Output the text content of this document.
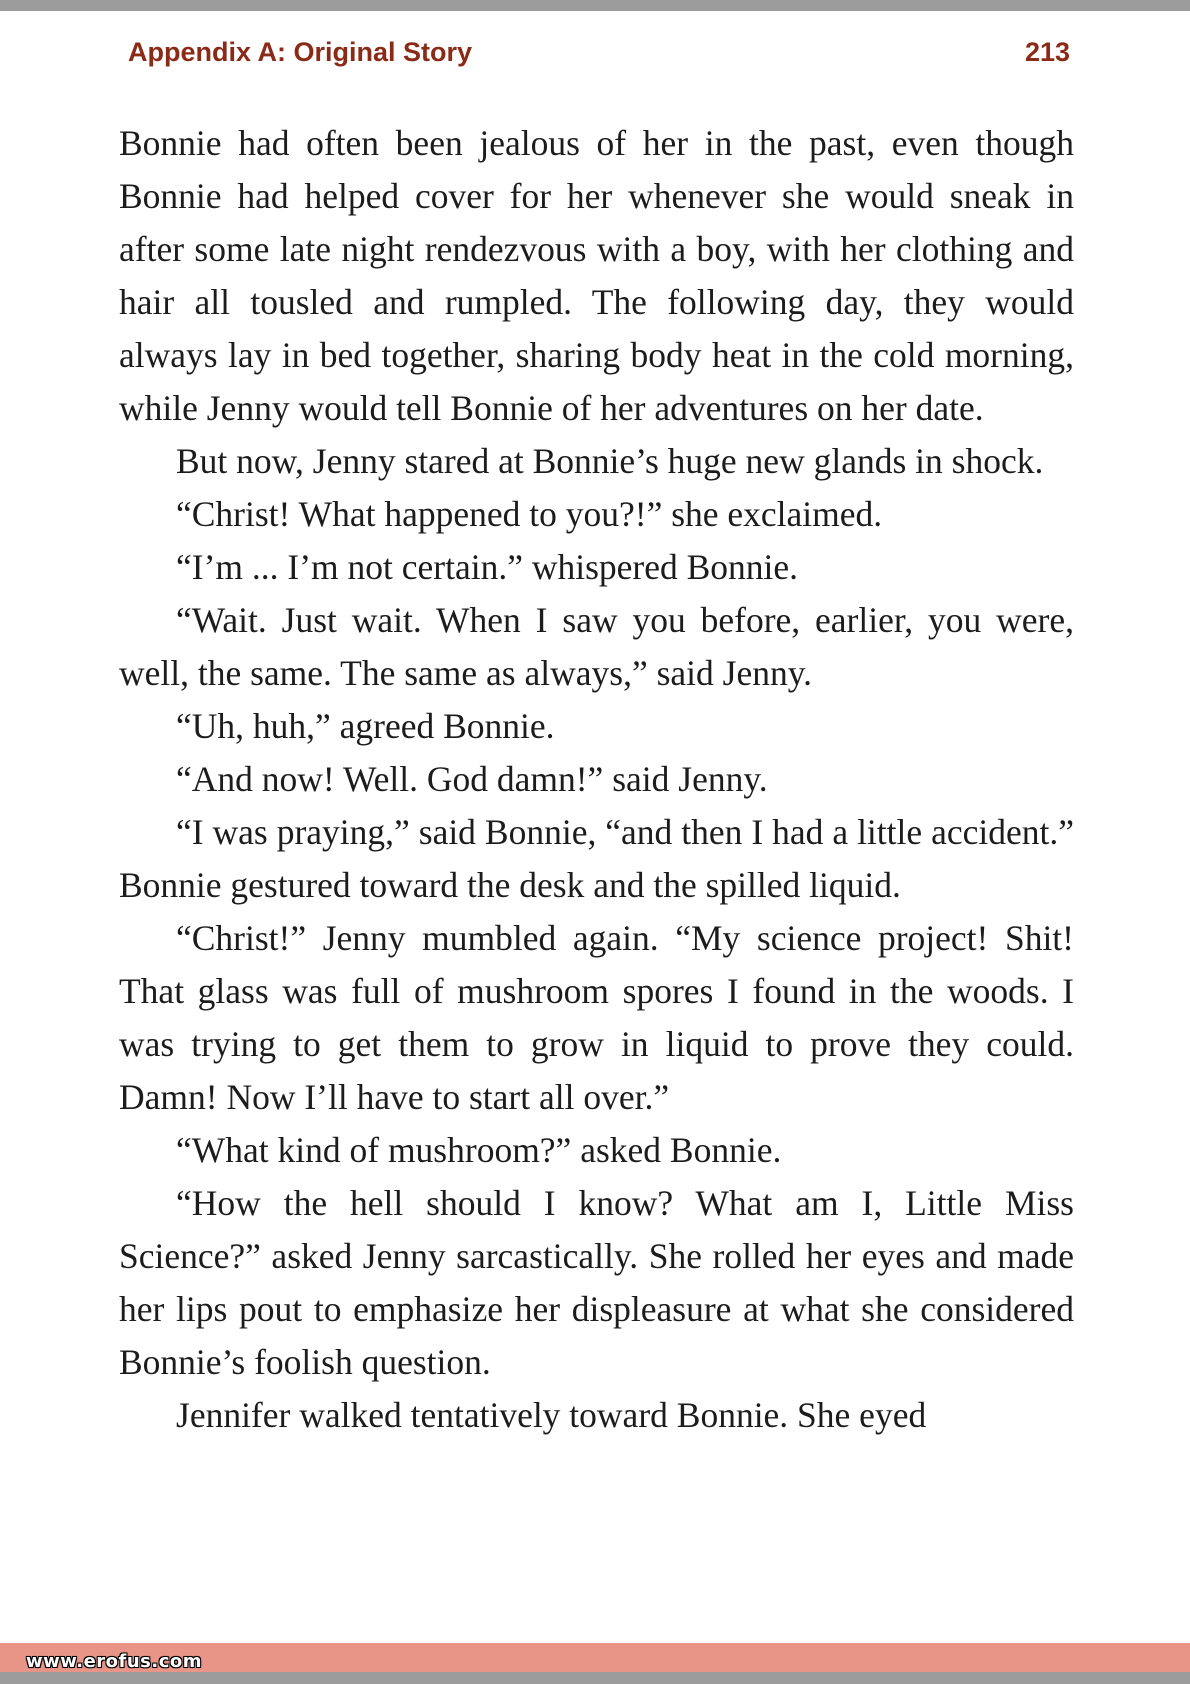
Appendix A: Original Story	213

Bonnie had often been jealous of her in the past, even though Bonnie had helped cover for her whenever she would sneak in after some late night rendezvous with a boy, with her clothing and hair all tousled and rumpled. The following day, they would always lay in bed together, sharing body heat in the cold morning, while Jenny would tell Bonnie of her adventures on her date.

But now, Jenny stared at Bonnie’s huge new glands in shock.

“Christ! What happened to you?!” she exclaimed.

“I’m ... I’m not certain.” whispered Bonnie.

“Wait. Just wait. When I saw you before, earlier, you were, well, the same. The same as always,” said Jenny.

“Uh, huh,” agreed Bonnie.

“And now! Well. God damn!” said Jenny.

“I was praying,” said Bonnie, “and then I had a little accident.” Bonnie gestured toward the desk and the spilled liquid.

“Christ!” Jenny mumbled again. “My science project! Shit! That glass was full of mushroom spores I found in the woods. I was trying to get them to grow in liquid to prove they could. Damn! Now I’ll have to start all over.”

“What kind of mushroom?” asked Bonnie.

“How the hell should I know? What am I, Little Miss Science?” asked Jenny sarcastically. She rolled her eyes and made her lips pout to emphasize her displeasure at what she considered Bonnie’s foolish question.

Jennifer walked tentatively toward Bonnie. She eyed

www.erofus.com
